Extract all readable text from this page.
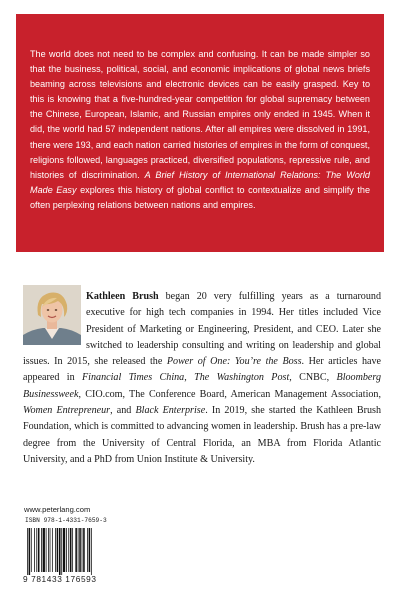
The world does not need to be complex and confusing. It can be made simpler so that the business, political, social, and economic implications of global news briefs beaming across televisions and electronic devices can be easily grasped. Key to this is knowing that a five-hundred-year competition for global supremacy between the Chinese, European, Islamic, and Russian empires only ended in 1945. When it did, the world had 57 independent nations. After all empires were dissolved in 1991, there were 193, and each nation carried histories of empires in the form of conquest, religions followed, languages practiced, diversified populations, repressive rule, and histories of discrimination. A Brief History of International Relations: The World Made Easy explores this history of global conflict to contextualize and simplify the often perplexing relations between nations and empires.

Kathleen Brush began 20 very fulfilling years as a turnaround executive for high tech companies in 1994. Her titles included Vice President of Marketing or Engineering, President, and CEO. Later she switched to leadership consulting and writing on leadership and global issues. In 2015, she released the Power of One: You’re the Boss. Her articles have appeared in Financial Times China, The Washington Post, CNBC, Bloomberg Businessweek, CIO.com, The Conference Board, American Management Association, Women Entrepreneur, and Black Enterprise. In 2019, she started the Kathleen Brush Foundation, which is committed to advancing women in leadership. Brush has a pre-law degree from the University of Central Florida, an MBA from Florida Atlantic University, and a PhD from Union Institute & University.

www.peterlang.com

ISBN 978-1-4331-7659-3

9 781433 176593
